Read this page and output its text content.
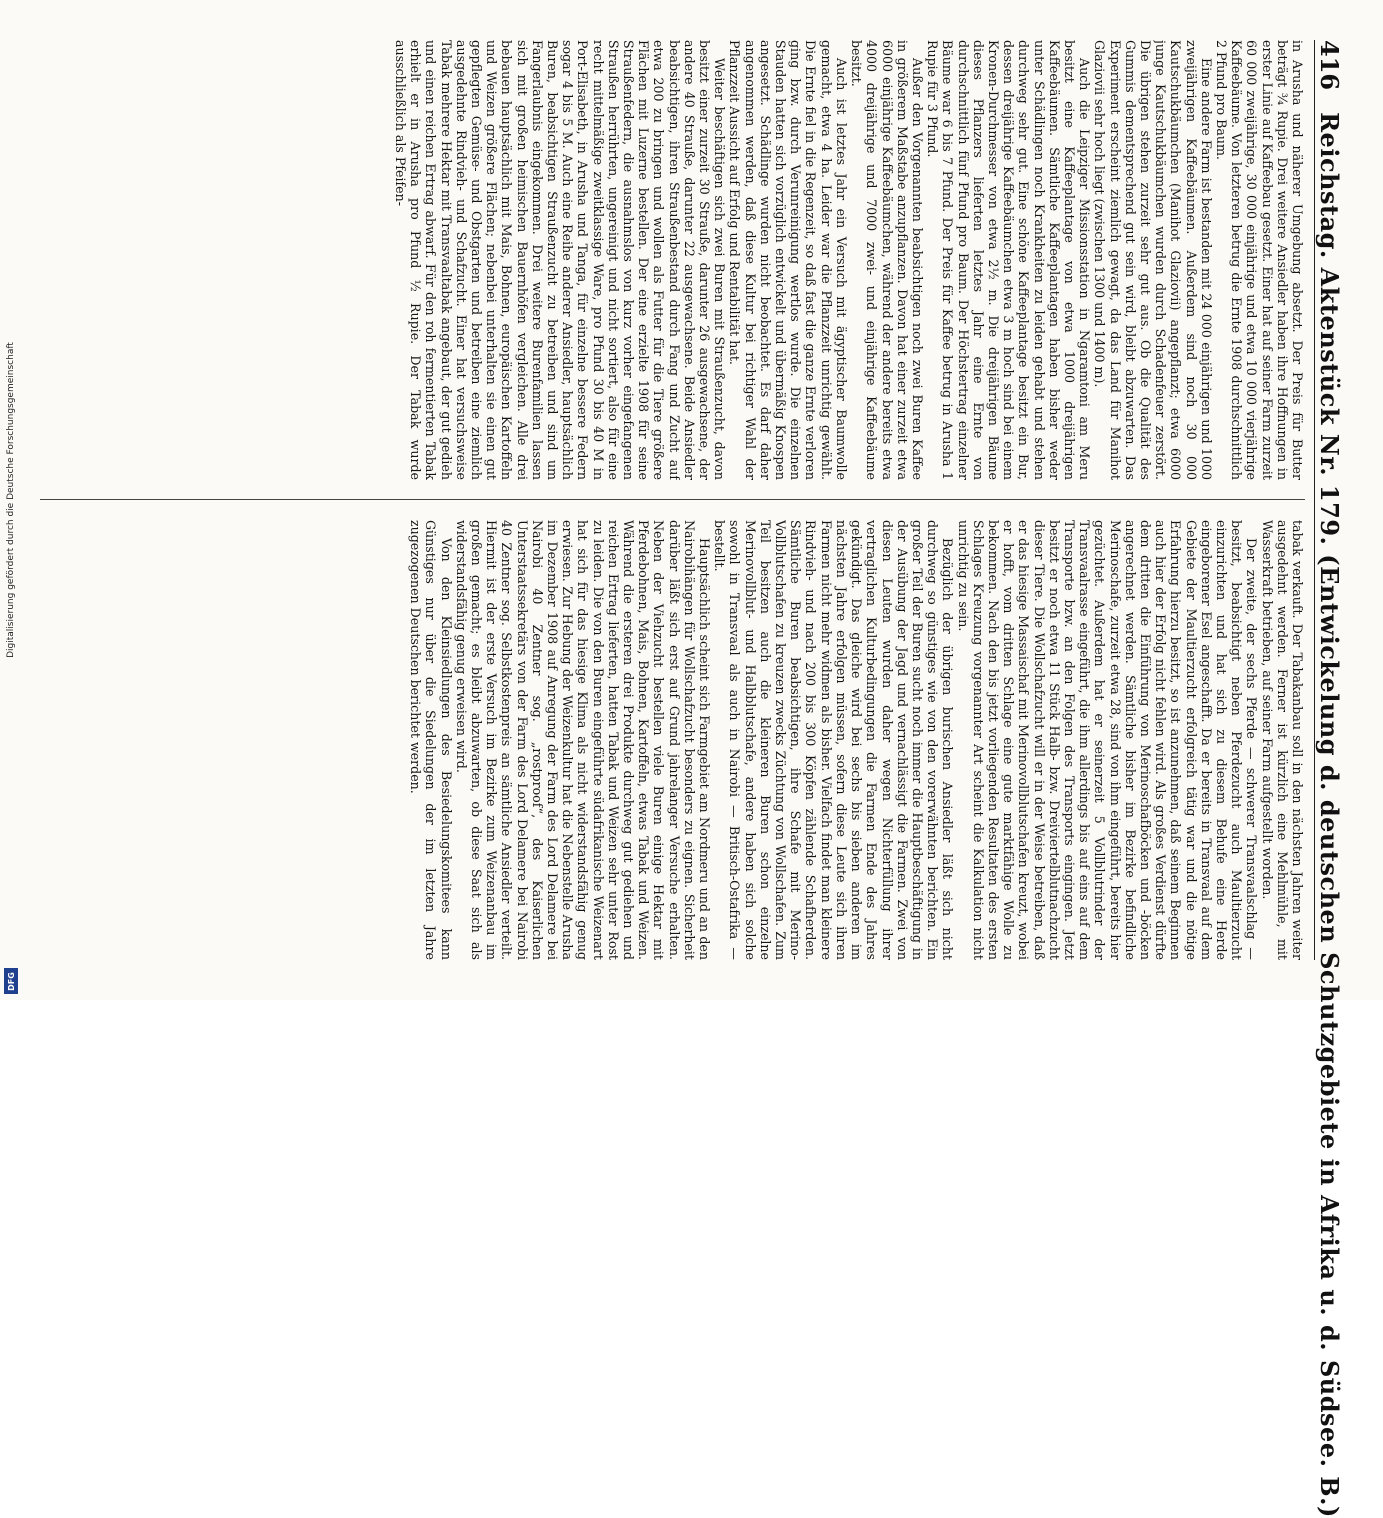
416
Reichstag. Aktenstück Nr. 179. (Entwickelung d. deutschen Schutzgebiete in Afrika u. d. Südsee. B.)

in Arusha und näherer Umgebung absetzt. Der Preis für Butter beträgt ¾ Rupie. Drei weitere Ansiedler haben ihre Hoffnungen in erster Linie auf Kaffeebau gesetzt. Einer hat auf seiner Farm zurzeit 60 000 zweijährige, 30 000 einjährige und etwa 10 000 vierjährige Kaffeebäume. Von letzteren betrug die Ernte 1908 durchschnittlich 2 Pfund pro Baum.

Eine andere Farm ist bestanden mit 24 000 einjährigen und 1000 zweijährigen Kaffeebäumen. Außerdem sind noch 30 000 Kautschukbäumchen (Manihot Glaziovii) angepflanzt; etwa 6000 junge Kautschukbäumchen wurden durch Schadenfeuer zerstört. Die übrigen stehen zurzeit sehr gut aus. Ob die Qualität des Gummis dementsprechend gut sein wird, bleibt abzuwarten. Das Experiment erscheint ziemlich gewagt, da das Land für Manihot Glaziovii sehr hoch liegt (zwischen 1300 und 1400 m).

Auch die Leipziger Missionsstation in Ngaramtoni am Meru besitzt eine Kaffeeplantage von etwa 1000 dreijährigen Kaffeebäumen. Sämtliche Kaffeeplantagen haben bisher weder unter Schädlingen noch Krankheiten zu leiden gehabt und stehen durchweg sehr gut. Eine schöne Kaffeeplantage besitzt ein Bur, dessen dreijährige Kaffeebäumchen etwa 3 m hoch sind bei einem Kronen-Durchmesser von etwa 2½ m. Die dreijährigen Bäume dieses Pflanzers lieferten letztes Jahr eine Ernte von durchschnittlich fünf Pfund pro Baum. Der Höchstertrag einzelner Bäume war 6 bis 7 Pfund. Der Preis für Kaffee betrug in Arusha 1 Rupie für 3 Pfund.

Außer den Vorgenannten beabsichtigen noch zwei Buren Kaffee in größerem Maßstabe anzupflanzen. Davon hat einer zurzeit etwa 6000 einjährige Kaffeebäumchen, während der andere bereits etwa 4000 dreijährige und 7000 zwei- und einjährige Kaffeebäume besitzt.

Auch ist letztes Jahr ein Versuch mit ägyptischer Baumwolle gemacht, etwa 4 ha. Leider war die Pflanzzeit unrichtig gewählt. Die Ernte fiel in die Regenzeit, so daß fast die ganze Ernte verloren ging bzw. durch Verunreinigung wertlos wurde. Die einzelnen Stauden hatten sich vorzüglich entwickelt und übermäßig Knospen angesetzt. Schädlinge wurden nicht beobachtet. Es darf daher angenommen werden, daß diese Kultur bei richtiger Wahl der Pflanzzeit Aussicht auf Erfolg und Rentabilität hat.

Weiter beschäftigen sich zwei Buren mit Straußenzucht, davon besitzt einer zurzeit 30 Strauße, darunter 26 ausgewachsene, der andere 40 Strauße, darunter 22 ausgewachsene. Beide Ansiedler beabsichtigen, ihren Straußenbestand durch Fang und Zucht auf etwa 200 zu bringen und wollen als Futter für die Tiere größere Flächen mit Luzerne bestellen. Der eine erzielte 1908 für seine Straußenfedern, die ausnahmslos von kurz vorher eingefangenen Straußen herrührten, ungereinigt und nicht sortiert, also für eine recht mittelmäßige zweitklassige Ware, pro Pfund 30 bis 40 M in Port-Elisabeth, in Arusha und Tanga, für einzelne bessere Federn sogar 4 bis 5 M. Auch eine Reihe anderer Ansiedler, hauptsächlich Buren, beabsichtigen Straußenzucht zu betreiben und sind um Fangerlaubnis eingekommen. Drei weitere Burenfamilien lassen sich mit großen heimischen Bauernhöfen vergleichen. Alle drei bebauen hauptsächlich mit Mais, Bohnen, europäischen Kartoffeln und Weizen größere Flächen; nebenbei unterhalten sie einen gut gepflegten Gemüse- und Obstgarten und betreiben eine ziemlich ausgedehnte Rindvieh- und Schafzucht. Einer hat versuchsweise Tabak mehrere Hektar mit Transvaaltabak angebaut, der gut gedieh und einen reichen Ertrag abwarf. Für den roh fermentierten Tabak erhielt er in Arusha pro Pfund ½ Rupie. Der Tabak wurde ausschließlich als Pfeifen-

tabak verkauft. Der Tabakanbau soll in den nächsten Jahren weiter ausgedehnt werden. Ferner ist kürzlich eine Mehlmühle, mit Wasserkraft betrieben, auf seiner Farm aufgestellt worden.

Der zweite, der sechs Pferde — schwerer Transvaalschlag — besitzt, beabsichtigt neben Pferdezucht auch Maultierzucht einzurichten und hat sich zu diesem Behufe eine Herde eingeborener Esel angeschafft. Da er bereits in Transvaal auf dem Gebiete der Maultierzucht erfolgreich tätig war und die nötige Erfahrung hierzu besitzt, so ist anzunehmen, daß seinem Beginnen auch hier der Erfolg nicht fehlen wird. Als großes Verdienst dürfte dem dritten die Einführung von Merinoschafböcken und -böcken angerechnet werden. Sämtliche bisher im Bezirke befindliche Merinoschafe, zurzeit etwa 28, sind von ihm eingeführt, bereits hier gezüchtet. Außerdem hat er seinerzeit 5 Vollblutrinder der Transvaalrasse eingeführt, die ihm allerdings bis auf eins auf dem Transporte bzw. an den Folgen des Transports eingingen. Jetzt besitzt er noch etwa 11 Stück Halb- bzw. Dreiviertelblutnachzucht dieser Tiere. Die Wollschafzucht will er in der Weise betreiben, daß er das hiesige Massaischaf mit Merinovollblutschafen kreuzt, wobei er hofft, vom dritten Schlage eine gute marktfähige Wolle zu bekommen. Nach den bis jetzt vorliegenden Resultaten des ersten Schlages Kreuzung vorgenannter Art scheint die Kalkulation nicht unrichtig zu sein.

Bezüglich der übrigen burischen Ansiedler läßt sich nicht durchweg so günstiges wie von den vorerwähnten berichten. Ein großer Teil der Buren sucht noch immer die Hauptbeschäftigung in der Ausübung der Jagd und vernachlässigt die Farmen. Zwei von diesen Leuten wurden daher wegen Nichterfüllung ihrer vertraglichen Kulturbedingungen die Farmen Ende des Jahres gekündigt. Das gleiche wird bei sechs bis sieben anderen im nächsten Jahre erfolgen müssen, sofern diese Leute sich ihren Farmen nicht mehr widmen als bisher. Vielfach findet man kleinere Rindvieh- und nach 200 bis 300 Köpfen zählende Schafherden. Sämtliche Buren beabsichtigen, ihre Schafe mit Merino-Vollblutschafen zu kreuzen zwecks Züchtung von Wollschafen. Zum Teil besitzen auch die kleineren Buren schon einzelne Merinovollblut- und Halbblutschafe, andere haben sich solche sowohl in Transvaal als auch in Nairobi — Britisch-Ostafrika — bestellt.

Hauptsächlich scheint sich Farmgebiet am Nordmeru und an den Nairobihängen für Wollschafzucht besonders zu eignen. Sicherheit darüber läßt sich erst auf Grund jahrelanger Versuche erhalten. Neben der Viehzucht bestellen viele Buren einige Hektar mit Pferdebohnen, Mais, Bohnen, Kartoffeln, etwas Tabak und Weizen. Während die ersteren drei Produkte durchweg gut gediehen und reichen Ertrag lieferten, hatten Tabak und Weizen sehr unter Rost zu leiden. Die von den Buren eingeführte südafrikanische Weizenart hat sich für das hiesige Klima als nicht widerstandsfähig genug erwiesen. Zur Hebung der Weizenkultur hat die Nebenstelle Arusha im Dezember 1908 auf Anregung der Farm des Lord Delamere bei Nairobi 40 Zentner sog. „rostproof“, des Kaiserlichen Unterstaatssekretärs von der Farm des Lord Delamere bei Nairobi 40 Zentner sog. Selbstkostenpreis an sämtliche Ansiedler verteilt. Hiermit ist der erste Versuch im Bezirke zum Weizenanbau im großen gemacht; es bleibt abzuwarten, ob diese Saat sich als widerstandsfähig genug erweisen wird.

Von den Kleinsiedlungen des Besiedelungskomitees kann Günstiges nur über die Siedelungen der im letzten Jahre zugezogenen Deutschen berichtet werden.

Digitalisierung gefördert durch die Deutsche Forschungsgemeinschaft
DFG
